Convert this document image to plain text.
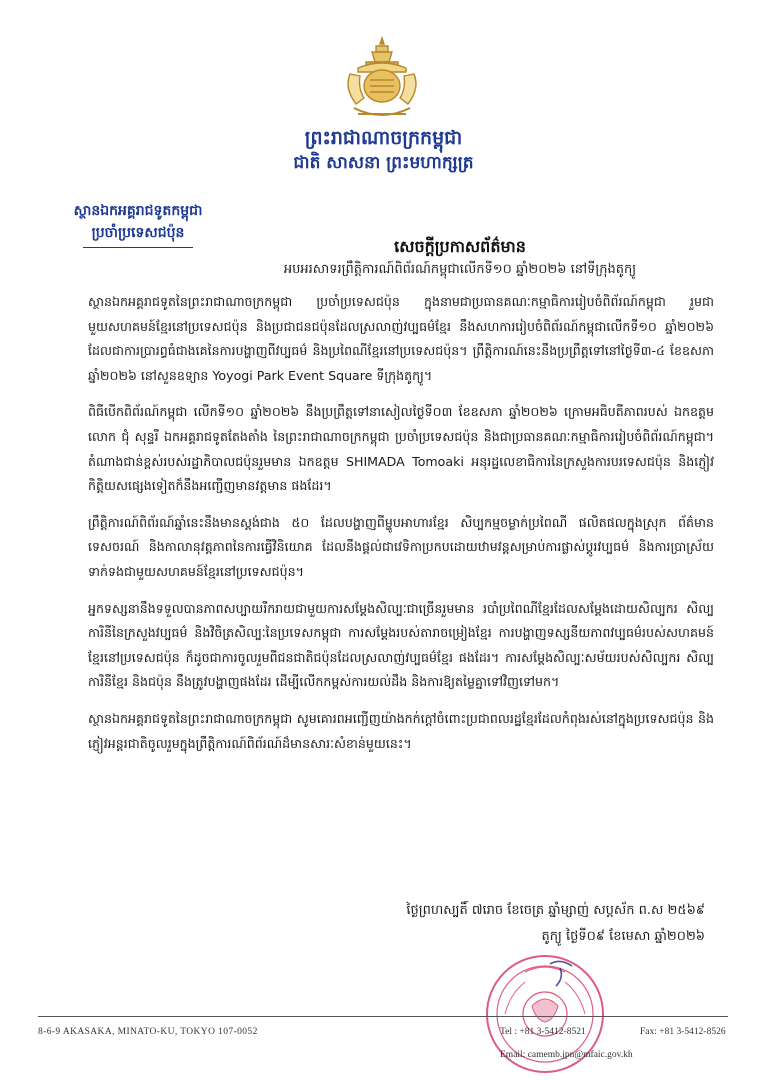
ព្រះរាជាណាចក្រកម្ពុជា
ជាតិ សាសនា ព្រះមហាក្សត្រ
ស្ថានឯកអគ្គរាជទូតកម្ពុជា
ប្រចាំប្រទេសជប៉ុន
សេចក្តីប្រកាសព័ត៌មាន
អបអរសាទរព្រឹត្តិការណ៍ពិព័រណ៍កម្ពុជាលើកទី១០ ឆ្នាំ២០២៦ នៅទីក្រុងតូក្យូ

ស្ថានឯកអគ្គរាជទូតនៃព្រះរាជាណាចក្រកម្ពុជា ប្រចាំប្រទេសជប៉ុន ក្នុងនាមជាប្រធានគណៈកម្មាធិការរៀបចំពិព័រណ៍កម្ពុជា រួមជាមួយសហគមន៍ខ្មែរនៅប្រទេសជប៉ុន និងប្រជាជនជប៉ុនដែលស្រលាញ់វប្បធម៌ខ្មែរ នឹងសហការរៀបចំពិព័រណ៍កម្ពុជាលើកទី១០ ឆ្នាំ២០២៦ ដែលជាការប្រារព្ធធំជាងគេនៃការបង្ហាញពីវប្បធម៌ និងប្រពៃណីខ្មែរនៅប្រទេសជប៉ុន។ ព្រឹត្តិការណ៍នេះនឹងប្រព្រឹត្តទៅនៅថ្ងៃទី៣-៤ ខែឧសភា ឆ្នាំ២០២៦ នៅសួនឧទ្យាន Yoyogi Park Event Square ទីក្រុងតូក្យូ។

ពិធីបើកពិព័រណ៍កម្ពុជា លើកទី១០ ឆ្នាំ២០២៦ នឹងប្រព្រឹត្តទៅនាសៀលថ្ងៃទី០៣ ខែឧសភា ឆ្នាំ២០២៦ ក្រោមអធិបតីភាពរបស់ ឯកឧត្តម លោក ជុំ សុន្ទរី ឯកអគ្គរាជទូតតែងតាំង នៃព្រះរាជាណាចក្រកម្ពុជា ប្រចាំប្រទេសជប៉ុន និងជាប្រធានគណៈកម្មាធិការរៀបចំពិព័រណ៍កម្ពុជា។ តំណាងជាន់ខ្ពស់របស់រដ្ឋាភិបាលជប៉ុនរួមមាន ឯកឧត្តម SHIMADA Tomoaki អនុរដ្ឋលេខាធិការនៃក្រសួងការបរទេសជប៉ុន និងភ្ញៀវកិត្តិយសផ្សេងទៀតក៏នឹងអញ្ជើញមានវត្តមាន ផងដែរ។

ព្រឹត្តិការណ៍ពិព័រណ៍ឆ្នាំនេះនឹងមានស្តង់ជាង ៥០ ដែលបង្ហាញពីម្ហូបអាហារខ្មែរ សិប្បកម្មចម្លាក់ប្រពៃណី ផលិតផលក្នុងស្រុក ព័ត៌មានទេសចរណ៍ និងកាលានុវត្តភាពនៃការធ្វើវិនិយោគ ដែលនឹងផ្តល់ជាវេទិកាប្រកបដោយឋាមវន្តសម្រាប់ការផ្លាស់ប្តូរវប្បធម៌ និងការប្រាស្រ័យទាក់ទងជាមួយសហគមន៍ខ្មែរនៅប្រទេសជប៉ុន។

អ្នកទស្សនានឹងទទួលបានភាពសប្បាយរីករាយជាមួយការសម្តែងសិល្បៈជាច្រើនរួមមាន របាំប្រពៃណីខ្មែរដែលសម្តែងដោយសិល្បករ សិល្បការិនីនៃក្រសួងវប្បធម៌ និងវិចិត្រសិល្បៈនៃប្រទេសកម្ពុជា ការសម្តែងរបស់តារាចម្រៀងខ្មែរ ការបង្ហាញទស្សនីយភាពវប្បធម៌របស់សហគមន៍ខ្មែរនៅប្រទេសជប៉ុន ក៏ដូចជាការចូលរួមពីជនជាតិជប៉ុនដែលស្រលាញ់វប្បធម៌ខ្មែរ ផងដែរ។ ការសម្តែងសិល្បៈសម័យរបស់សិល្បករ សិល្បការិនីខ្មែរ និងជប៉ុន នឹងត្រូវបង្ហាញផងដែរ ដើម្បីលើកកម្ពស់ការយល់ដឹង និងការឱ្យតម្លៃគ្នាទៅវិញទៅមក។

ស្ថានឯកអគ្គរាជទូតនៃព្រះរាជាណាចក្រកម្ពុជា សូមគោរពអញ្ជើញយ៉ាងកក់ក្តៅចំពោះប្រជាពលរដ្ឋខ្មែរដែលកំពុងរស់នៅក្នុងប្រទេសជប៉ុន និងភ្ញៀវអន្តរជាតិចូលរួមក្នុងព្រឹត្តិការណ៍ពិព័រណ៍ដ៏មានសារៈសំខាន់មួយនេះ។

ថ្ងៃព្រហស្បតិ៍ ៧រោច ខែចេត្រ ឆ្នាំម្សាញ់ សប្តស័ក ព.ស ២៥៦៩
តូក្យូ ថ្ងៃទី០៩ ខែមេសា ឆ្នាំ២០២៦
8-6-9 AKASAKA, MINATO-KU, TOKYO 107-0052	Tel : +81 3-5412-8521	Fax: +81 3-5412-8526
Email: camemb.jpn@mfaic.gov.kh
